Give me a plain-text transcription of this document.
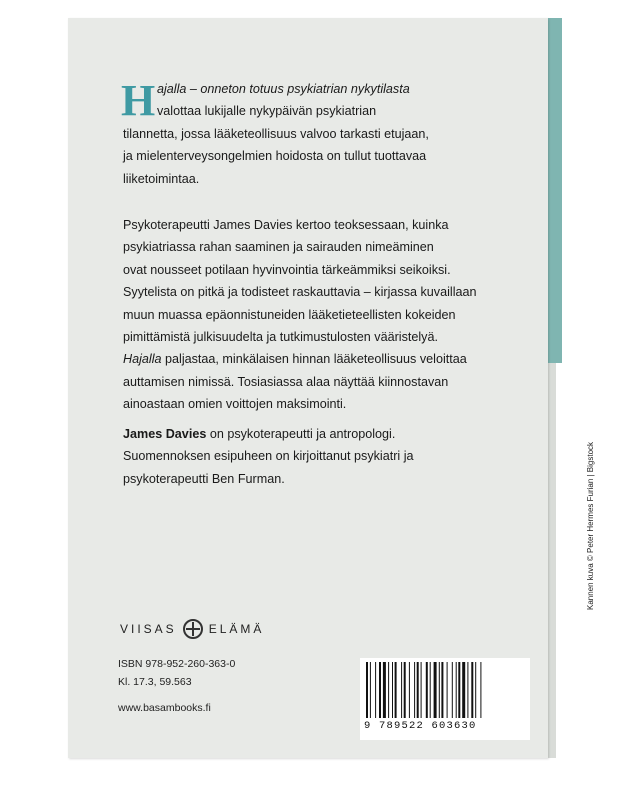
H ajalla – onneton totuus psykiatrian nykytilasta
valottaa lukijalle nykypäivän psykiatrian
tilannetta, jossa lääketeollisuus valvoo tarkasti etujaan,
ja mielenterveysongelmien hoidosta on tullut tuottavaa
liiketoimintaa.
Psykoterapeutti James Davies kertoo teoksessaan, kuinka
psykiatriassa rahan saaminen ja sairauden nimeäminen
ovat nousseet potilaan hyvinvointia tärkeämmiksi seikoiksi.
Syytelista on pitkä ja todisteet raskauttavia – kirjassa kuvaillaan
muun muassa epäonnistuneiden lääketieteellisten kokeiden
pimittämistä julkisuudelta ja tutkimustulosten vääristelyä.
Hajalla paljastaa, minkälaisen hinnan lääketeollisuus veloittaa
auttamisen nimissä. Tosiasiassa alaa näyttää kiinnostavan
ainoastaan omien voittojen maksimointi.
James Davies on psykoterapeutti ja antropologi.
Suomennoksen esipuheen on kirjoittanut psykiatri ja
psykoterapeutti Ben Furman.
VIISAS	ELÄMÄ
ISBN 978-952-260-363-0
Kl. 17.3, 59.563
www.basambooks.fi
9 789522 603630
Kannen kuva © Peter Hermes Furian | Bigstock
